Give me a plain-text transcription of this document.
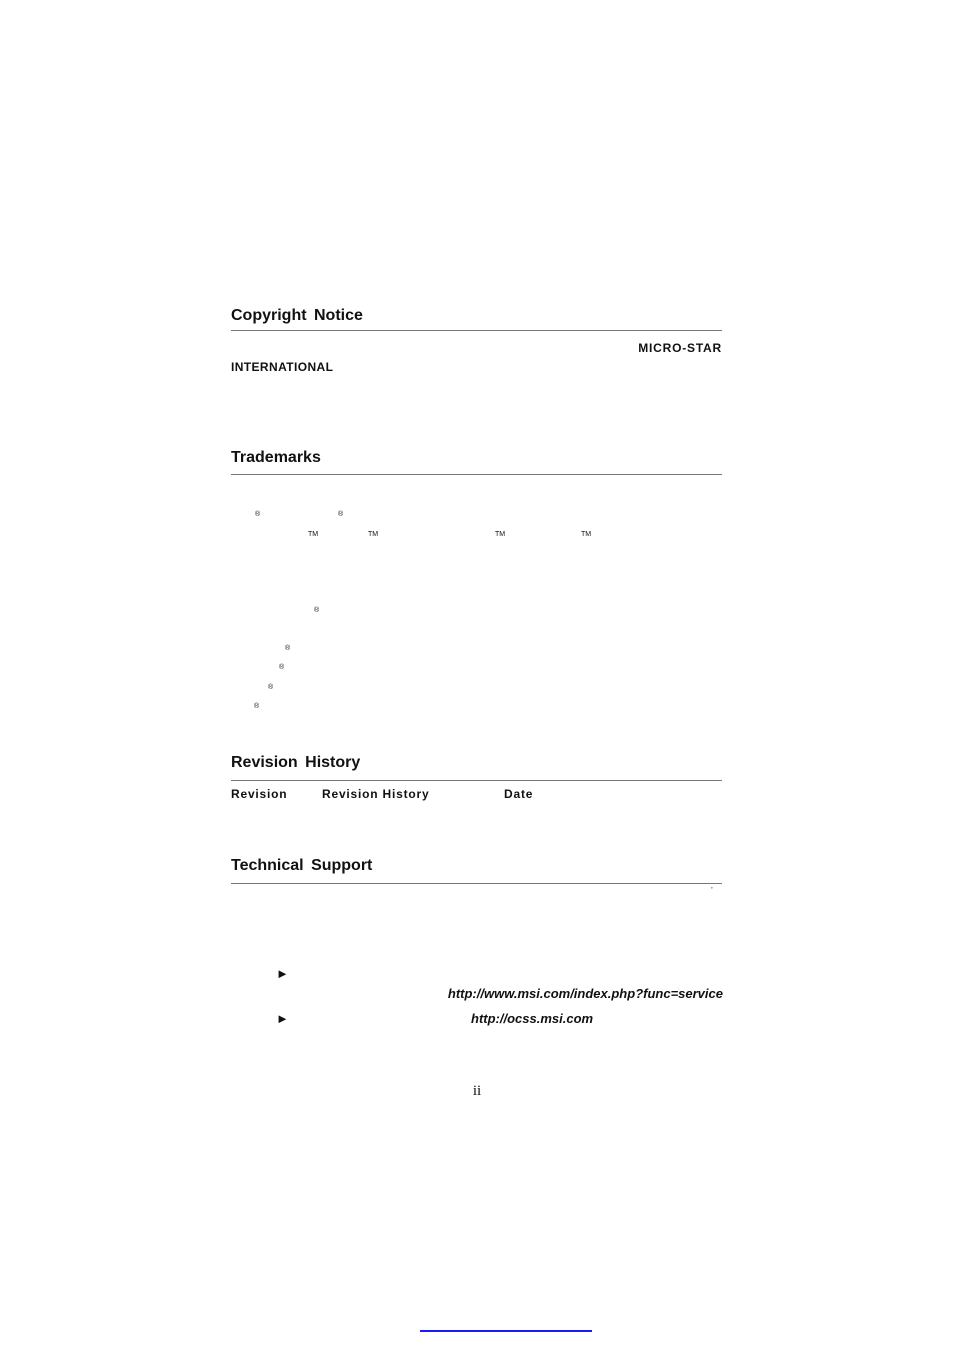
Copyright Notice
MICRO-STAR
INTERNATIONAL
Trademarks
®	®
TM	TM	TM	TM
®
®
®
®
®
Revision History
Revision	Revision History	Date
Technical Support
’
►
http://www.msi.com/index.php?func=service
►	http://ocss.msi.com
ii
